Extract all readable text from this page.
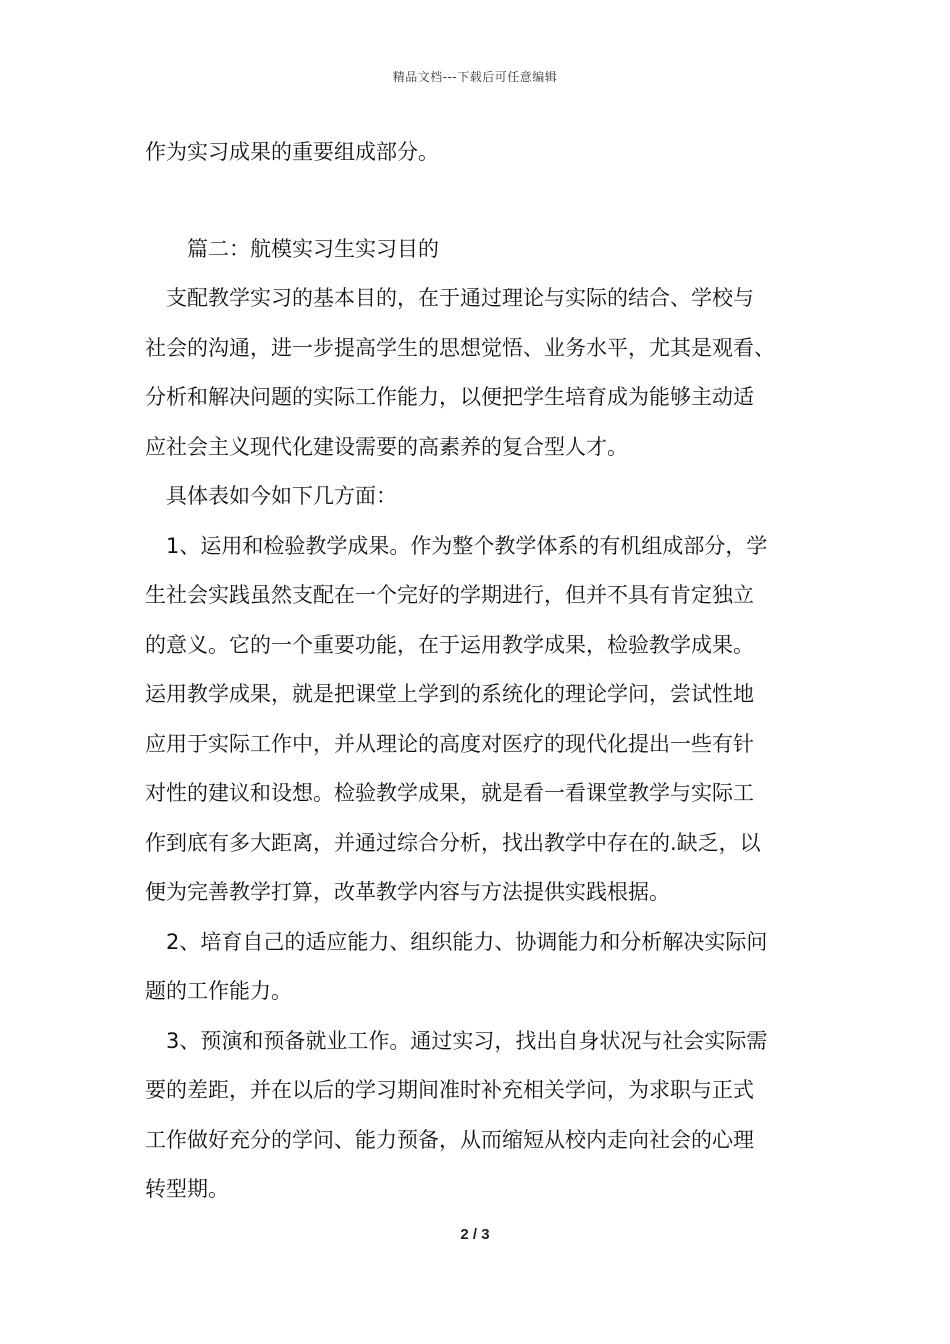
精品文档---下载后可任意编辑
作为实习成果的重要组成部分。
篇二：航模实习生实习目的
支配教学实习的基本目的，在于通过理论与实际的结合、学校与
社会的沟通，进一步提高学生的思想觉悟、业务水平，尤其是观看、
分析和解决问题的实际工作能力，以便把学生培育成为能够主动适
应社会主义现代化建设需要的高素养的复合型人才。
具体表如今如下几方面：
1、运用和检验教学成果。作为整个教学体系的有机组成部分，学
生社会实践虽然支配在一个完好的学期进行，但并不具有肯定独立
的意义。它的一个重要功能，在于运用教学成果，检验教学成果。
运用教学成果，就是把课堂上学到的系统化的理论学问，尝试性地
应用于实际工作中，并从理论的高度对医疗的现代化提出一些有针
对性的建议和设想。检验教学成果，就是看一看课堂教学与实际工
作到底有多大距离，并通过综合分析，找出教学中存在的.缺乏，以
便为完善教学打算，改革教学内容与方法提供实践根据。
2、培育自己的适应能力、组织能力、协调能力和分析解决实际问
题的工作能力。
3、预演和预备就业工作。通过实习，找出自身状况与社会实际需
要的差距，并在以后的学习期间准时补充相关学问，为求职与正式
工作做好充分的学问、能力预备，从而缩短从校内走向社会的心理
转型期。
2 / 3
